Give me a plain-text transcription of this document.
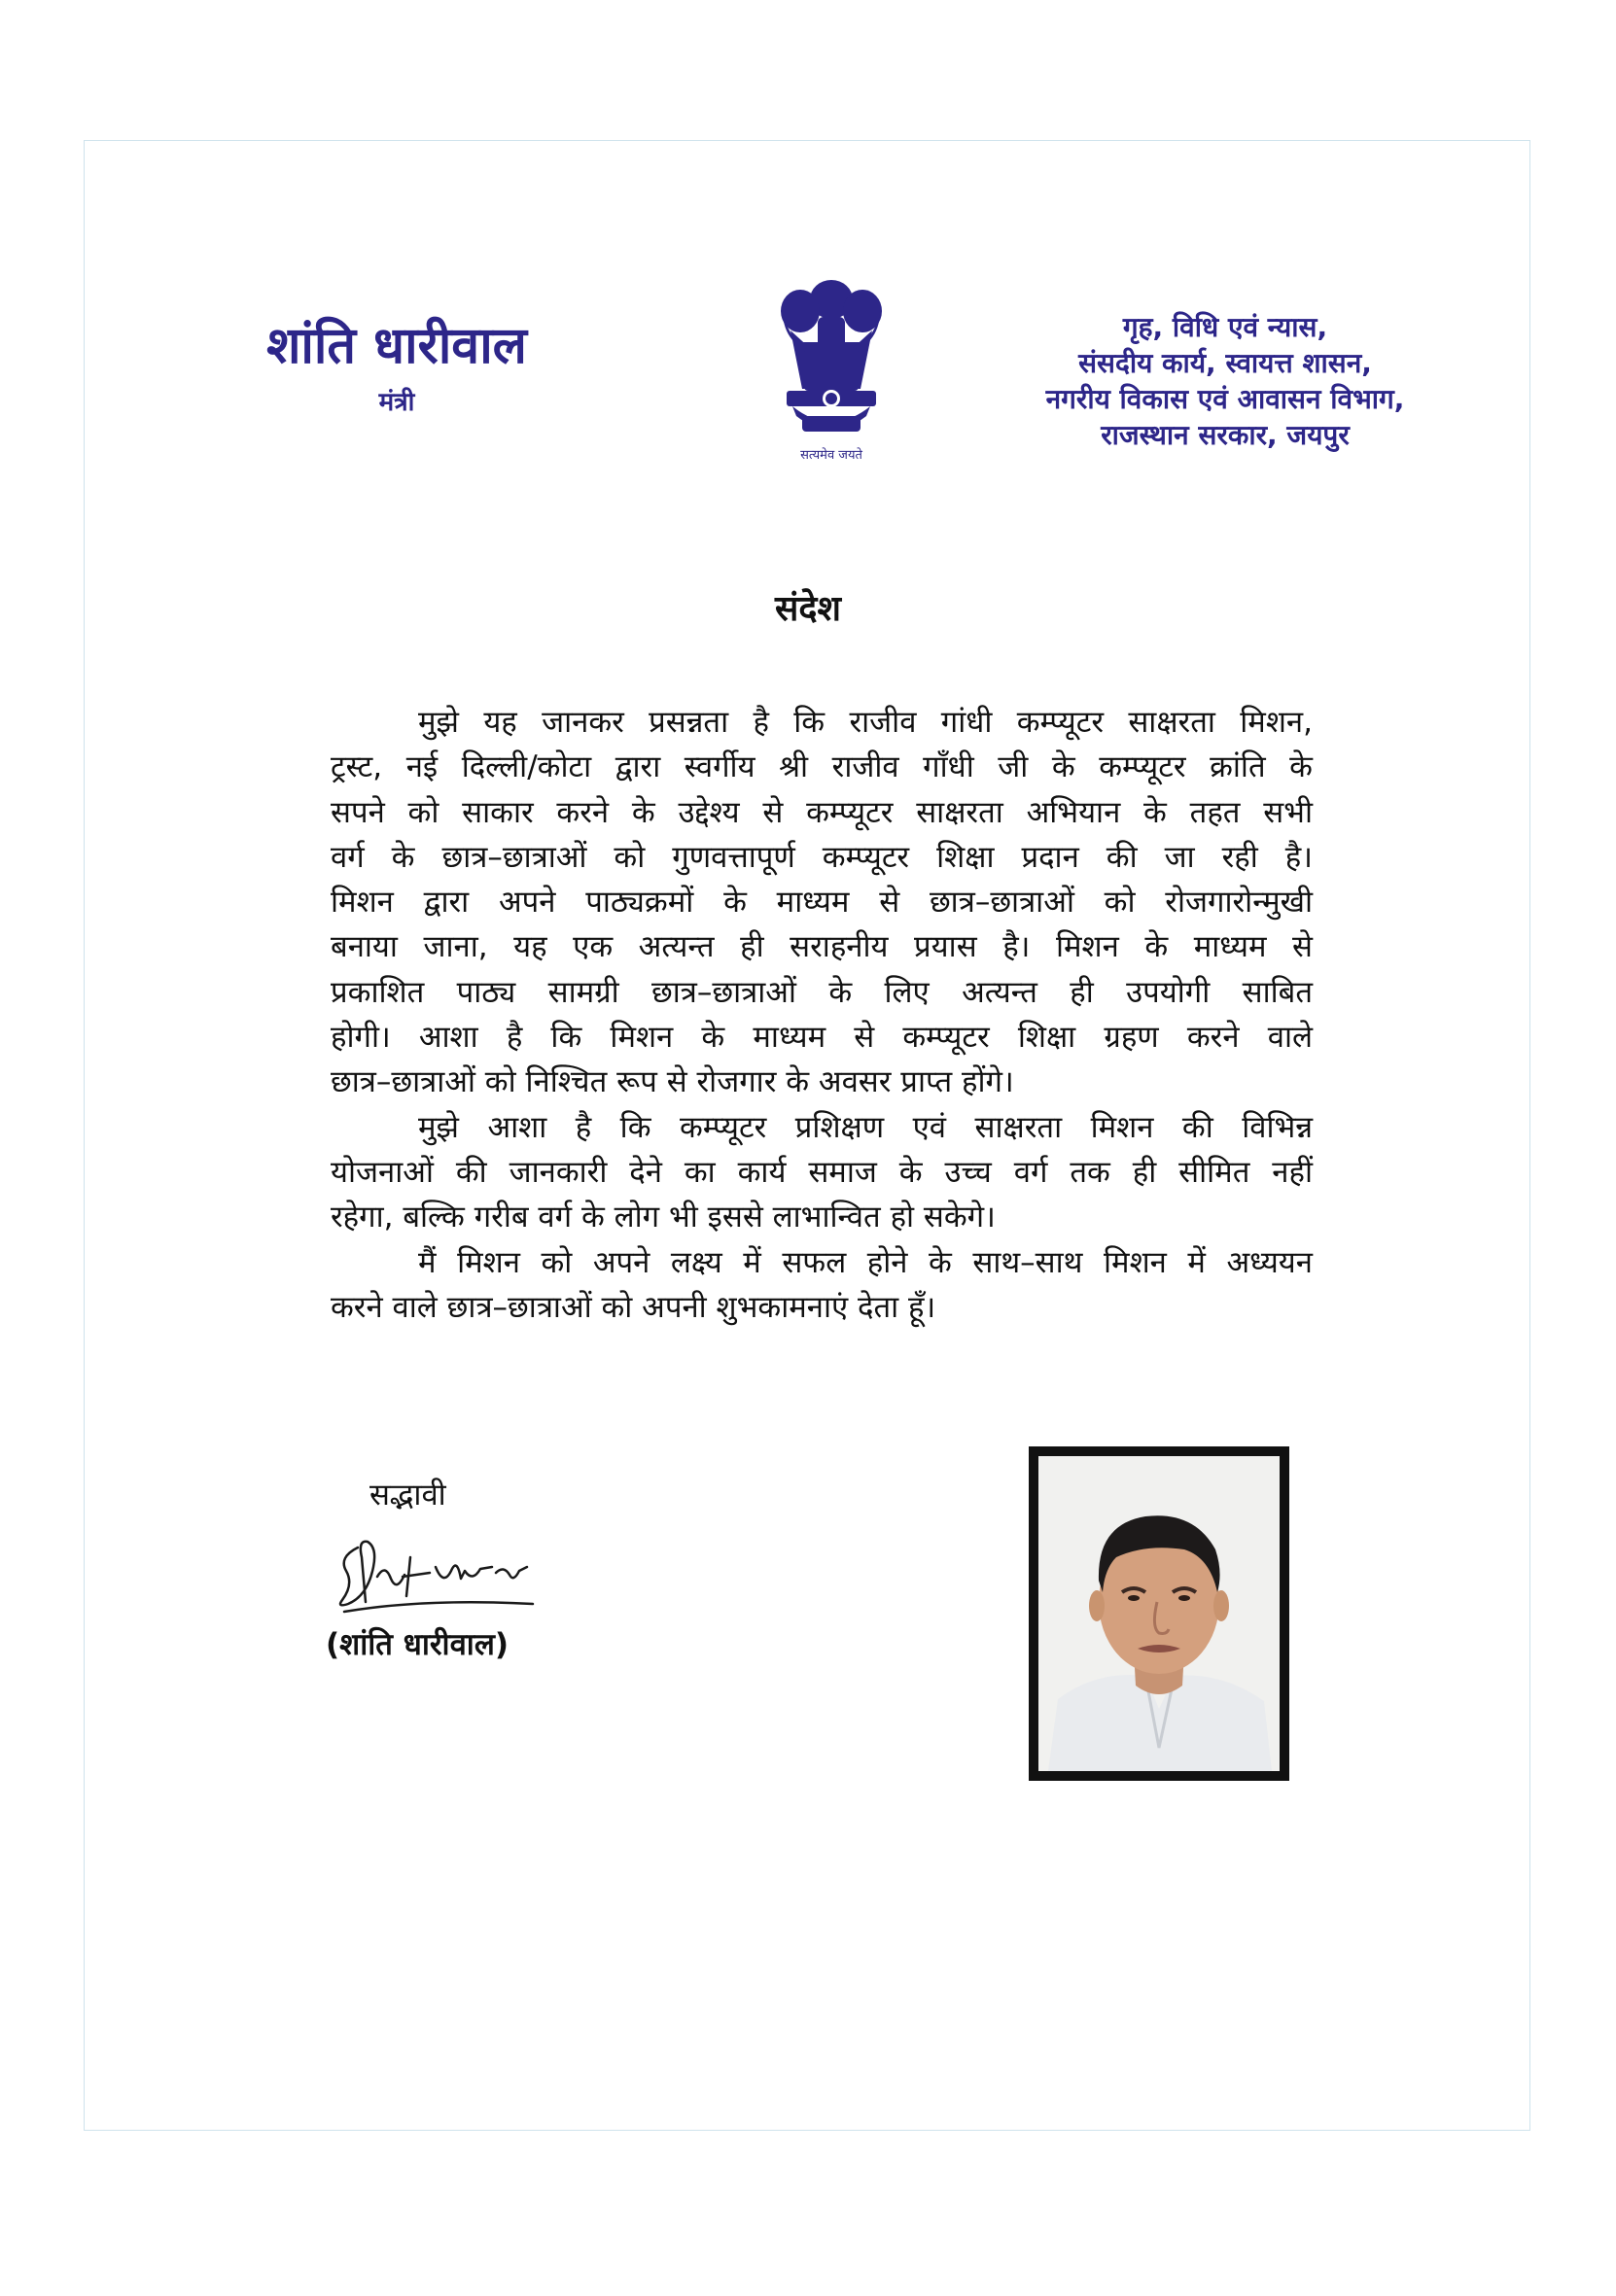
शांति धारीवाल
मंत्री
सत्यमेव जयते
गृह, विधि एवं न्यास,
संसदीय कार्य, स्वायत्त शासन,
नगरीय विकास एवं आवासन विभाग,
राजस्थान सरकार, जयपुर
संदेश
मुझे यह जानकर प्रसन्नता है कि राजीव गांधी कम्प्यूटर साक्षरता मिशन,
ट्रस्ट, नई दिल्ली/कोटा द्वारा स्वर्गीय श्री राजीव गाँधी जी के कम्प्यूटर क्रांति के
सपने को साकार करने के उद्देश्य से कम्प्यूटर साक्षरता अभियान के तहत सभी
वर्ग के छात्र–छात्राओं को गुणवत्तापूर्ण कम्प्यूटर शिक्षा प्रदान की जा रही है।
मिशन द्वारा अपने पाठ्यक्रमों के माध्यम से छात्र–छात्राओं को रोजगारोन्मुखी
बनाया जाना, यह एक अत्यन्त ही सराहनीय प्रयास है। मिशन के माध्यम से
प्रकाशित पाठ्य सामग्री छात्र–छात्राओं के लिए अत्यन्त ही उपयोगी साबित
होगी। आशा है कि मिशन के माध्यम से कम्प्यूटर शिक्षा ग्रहण करने वाले
छात्र–छात्राओं को निश्चित रूप से रोजगार के अवसर प्राप्त होंगे।
मुझे आशा है कि कम्प्यूटर प्रशिक्षण एवं साक्षरता मिशन की विभिन्न
योजनाओं की जानकारी देने का कार्य समाज के उच्च वर्ग तक ही सीमित नहीं
रहेगा, बल्कि गरीब वर्ग के लोग भी इससे लाभान्वित हो सकेगे।
मैं मिशन को अपने लक्ष्य में सफल होने के साथ–साथ मिशन में अध्ययन
करने वाले छात्र–छात्राओं को अपनी शुभकामनाएं देता हूँ।
सद्भावी
(शांति धारीवाल)
